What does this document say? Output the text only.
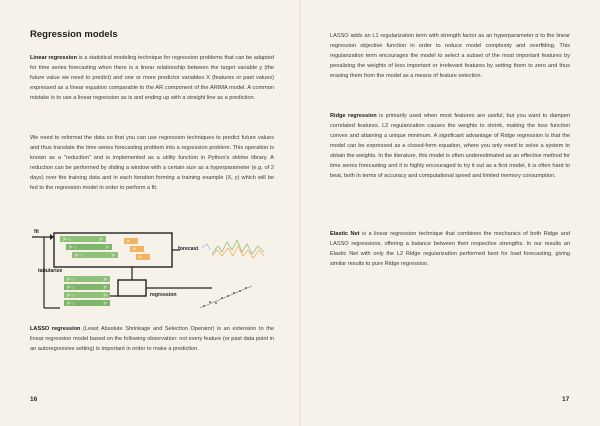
Regression models

Linear regression is a statistical modeling technique for regression problems that can be adapted for time series forecasting when there is a linear relationship between the target variable y (the future value we need to predict) and one or more predictor variables X (features or past values) expressed as a linear equation comparable to the AR component of the ARIMA model. A common mistake is to use a linear regression as is and ending up with a straight line as a prediction.

We need to reformat the data so that you can use regression techniques to predict future values and thus translate the time series forecasting problem into a regression problem. This operation is known as a "reduction" and is implemented as a utility function in Python's sktime library. A reduction can be performed by sliding a window with a certain size as a hyperparameter (e.g. of 2 days) over the training data and in each iteration forming a training example (X, y) which will be fed to the regression model in order to perform a fit.

fit
tabularize
forecast
regression
yₜ₋₂	yₜ
yₜ₋₂	yₜ
yₜ₋₂	yₜ
yₜ
yₜ
yₜ
yₜ₋₂	yₜ
yₜ₋₂	yₜ
yₜ₋₂	yₜ
yₜ₋₂	yₜ

LASSO regression (Least Absolute Shrinkage and Selection Operator) is an extension to the linear regression model based on the following observation: not every feature (or past data point in an autoregressive setting) is important in order to make a prediction.

16

LASSO adds an L1 regularization term with strength factor as an hyperparameter α to the linear regression objective function in order to reduce model complexity and overfitting. This regularization term encourages the model to select a subset of the most important features by penalizing the weights of less important or irrelevant features by setting them to zero and thus erasing them from the model as a means of feature selection.

Ridge regression is primarily used when most features are useful, but you want to dampen correlated features. L2 regularization causes the weights to shrink, making the loss function convex and attaining a unique minimum. A significant advantage of Ridge regression is that the model can be expressed as a closed-form equation, where you only need to solve a system to obtain the weights. In the literature, this model is often underestimated as an effective method for time series forecasting and it is highly encouraged to try it out as a first model, it is often hard to beat, both in terms of accuracy and computational speed and limited memory consumption.

Elastic Net is a linear regression technique that combines the mechanics of both Ridge and LASSO regressions, offering a balance between their respective strengths. In our results an Elastic Net with only the L2 Ridge regularization performed best for load forecasting, giving similar results to pure Ridge regression.

17
